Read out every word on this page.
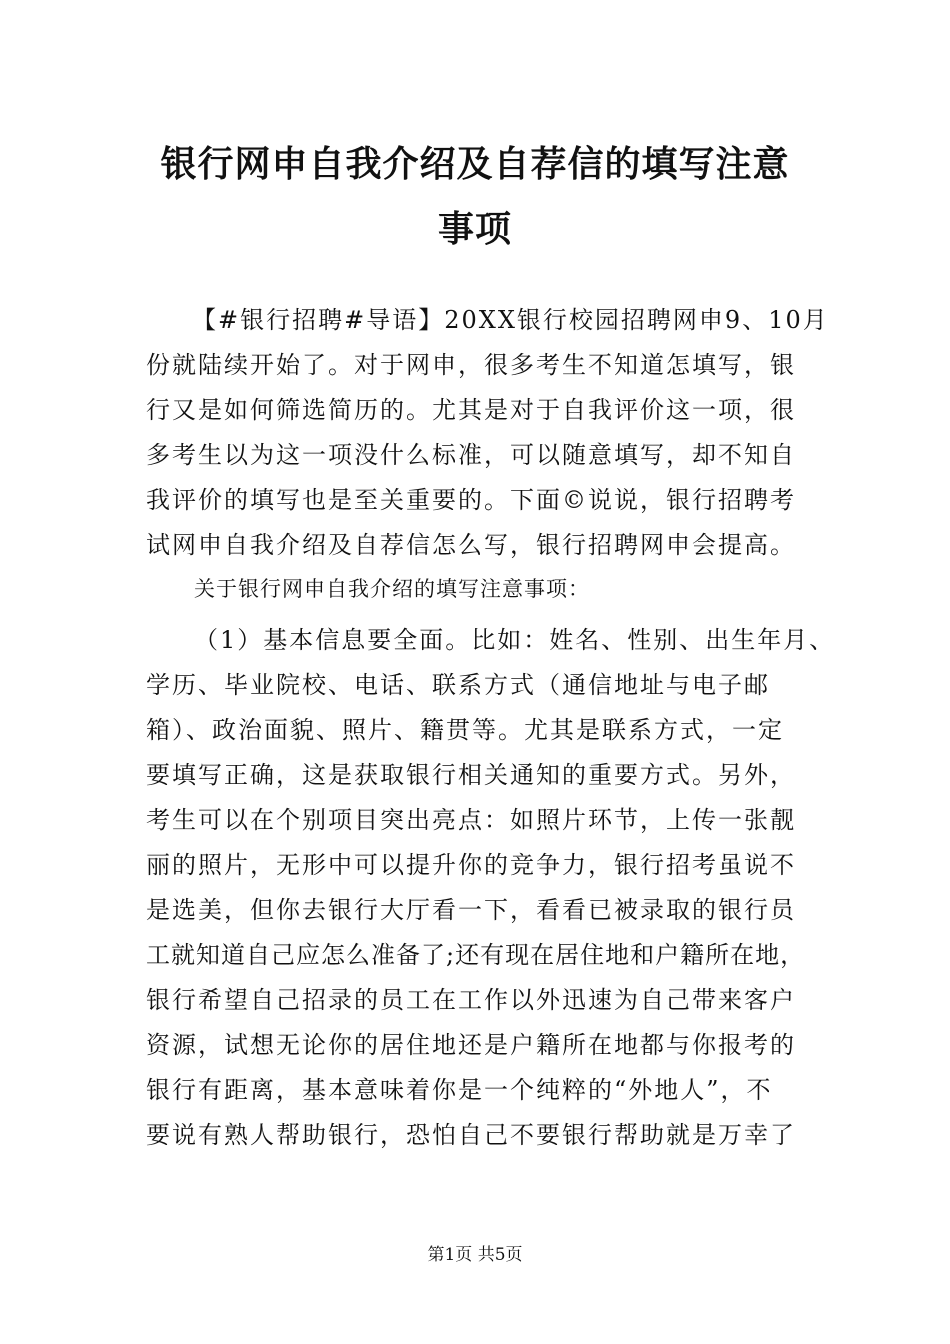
银行网申自我介绍及自荐信的填写注意
事项
【#银行招聘#导语】20XX银行校园招聘网申9、10月
份就陆续开始了。对于网申，很多考生不知道怎填写，银
行又是如何筛选简历的。尤其是对于自我评价这一项，很
多考生以为这一项没什么标准，可以随意填写，却不知自
我评价的填写也是至关重要的。下面©说说，银行招聘考
试网申自我介绍及自荐信怎么写，银行招聘网申会提高。
关于银行网申自我介绍的填写注意事项：
（1）基本信息要全面。比如：姓名、性别、出生年月、
学历、毕业院校、电话、联系方式（通信地址与电子邮
箱）、政治面貌、照片、籍贯等。尤其是联系方式，一定
要填写正确，这是获取银行相关通知的重要方式。另外，
考生可以在个别项目突出亮点：如照片环节，上传一张靓
丽的照片，无形中可以提升你的竞争力，银行招考虽说不
是选美，但你去银行大厅看一下，看看已被录取的银行员
工就知道自己应怎么准备了;还有现在居住地和户籍所在地，
银行希望自己招录的员工在工作以外迅速为自己带来客户
资源，试想无论你的居住地还是户籍所在地都与你报考的
银行有距离，基本意味着你是一个纯粹的“外地人”，不
要说有熟人帮助银行，恐怕自己不要银行帮助就是万幸了
第1页 共5页
